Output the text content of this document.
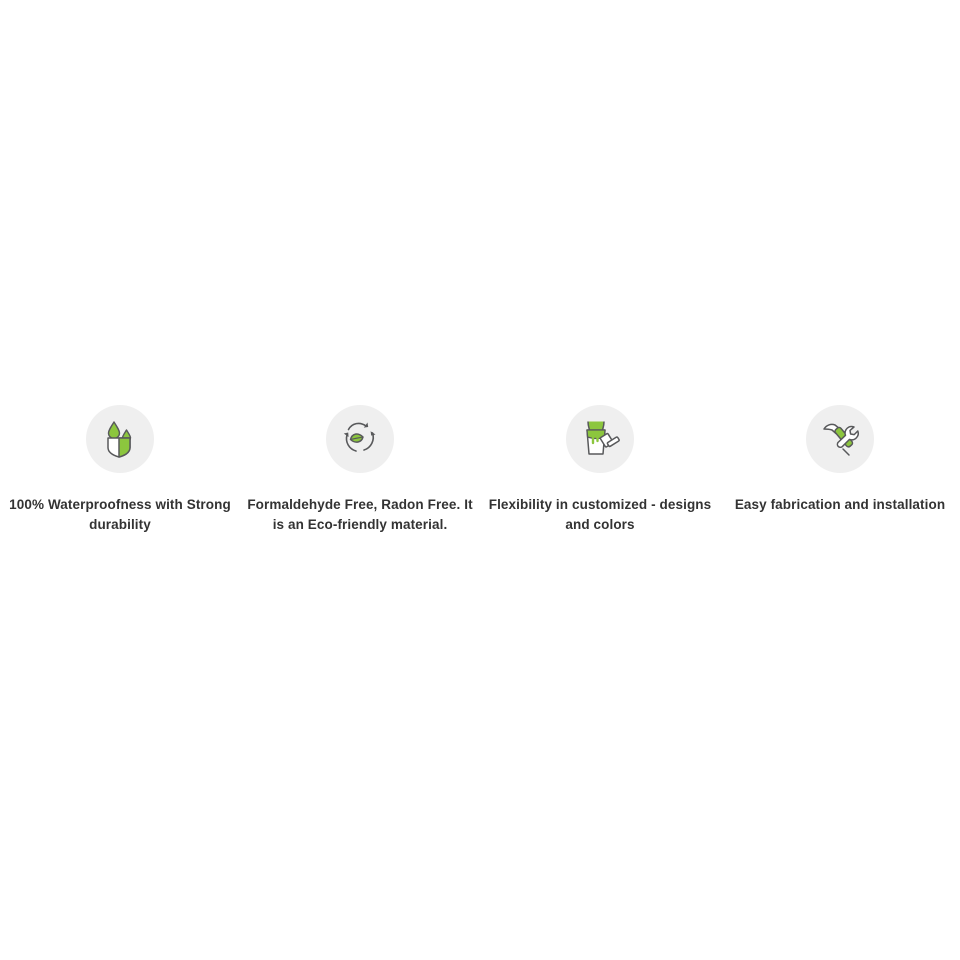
100% Waterproofness with Strong durability
Formaldehyde Free, Radon Free. It is an Eco-friendly material.
Flexibility in customized - designs and colors
Easy fabrication and installation
